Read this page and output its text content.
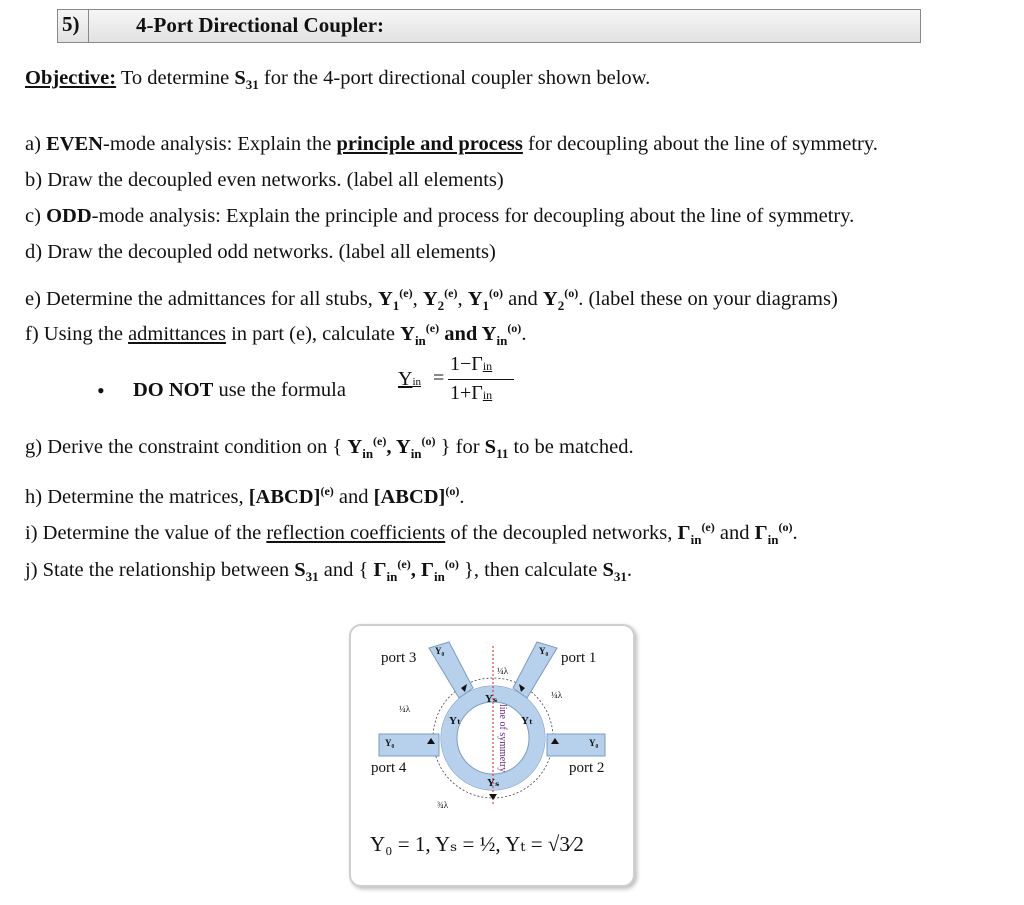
5)	4-Port Directional Coupler:
Objective: To determine $S_{31}$ for the 4-port directional coupler shown below.
a) EVEN-mode analysis: Explain the principle and process for decoupling about the line of symmetry.
b) Draw the decoupled even networks. (label all elements)
c) ODD-mode analysis: Explain the principle and process for decoupling about the line of symmetry.
d) Draw the decoupled odd networks. (label all elements)
e) Determine the admittances for all stubs, $Y_1^{(e)}$, $Y_2^{(e)}$, $Y_1^{(o)}$ and $Y_2^{(o)}$. (label these on your diagrams)
f) Using the admittances in part (e), calculate $Y_{in}^{(e)}$ and $Y_{in}^{(o)}$.
• DO NOT use the formula	Yin =
1−Γin
1+Γin
g) Derive the constraint condition on { $Y_{in}^{(e)}$, $Y_{in}^{(o)}$ } for $S_{11}$ to be matched.
h) Determine the matrices, [ABCD]$^{(e)}$ and [ABCD]$^{(o)}$.
i) Determine the value of the reflection coefficients of the decoupled networks, $\Gamma_{in}^{(e)}$ and $\Gamma_{in}^{(o)}$.
j) State the relationship between $S_{31}$ and { $\Gamma_{in}^{(e)}$, $\Gamma_{in}^{(o)}$ }, then calculate $S_{31}$.
port 3	port 1
port 4	port 2
Y₀	Y₀
Y₀	Y₀
Yₜ	Yₜ
Yₛ
Yₛ
¼λ
¼λ
¼λ
¾λ
line of symmetry
Y₀ = 1, Yₛ = ½, Yₜ = √3⁄2
